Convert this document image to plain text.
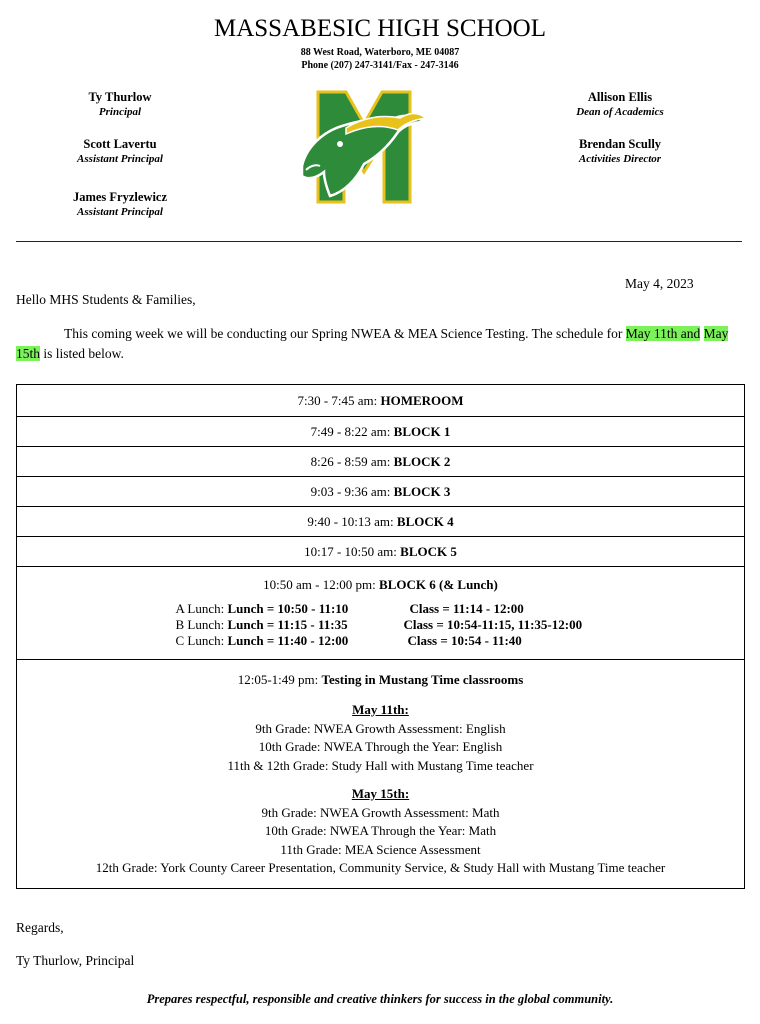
MASSABESIC HIGH SCHOOL
88 West Road, Waterboro, ME 04087
Phone (207) 247-3141/Fax - 247-3146
Ty Thurlow
Principal
Scott Lavertu
Assistant Principal
James Fryzlewicz
Assistant Principal
Allison Ellis
Dean of Academics
Brendan Scully
Activities Director
May 4, 2023
Hello MHS Students & Families,
This coming week we will be conducting our Spring NWEA & MEA Science Testing. The schedule for May 11th and May 15th is listed below.
7:30 - 7:45 am: HOMEROOM
7:49 - 8:22 am: BLOCK 1
8:26 - 8:59 am: BLOCK 2
9:03 - 9:36 am: BLOCK 3
9:40 - 10:13 am: BLOCK 4
10:17 - 10:50 am: BLOCK 5

10:50 am - 12:00 pm: BLOCK 6 (& Lunch)
A Lunch: Lunch = 10:50 - 11:10	Class = 11:14 - 12:00
B Lunch: Lunch = 11:15 - 11:35	Class = 10:54-11:15, 11:35-12:00
C Lunch: Lunch = 11:40 - 12:00	Class = 10:54 - 11:40

12:05-1:49 pm: Testing in Mustang Time classrooms
May 11th:
9th Grade: NWEA Growth Assessment: English
10th Grade: NWEA Through the Year: English
11th & 12th Grade: Study Hall with Mustang Time teacher
May 15th:
9th Grade: NWEA Growth Assessment: Math
10th Grade: NWEA Through the Year: Math
11th Grade: MEA Science Assessment
12th Grade: York County Career Presentation, Community Service, & Study Hall with Mustang Time teacher
Regards,
Ty Thurlow, Principal
Prepares respectful, responsible and creative thinkers for success in the global community.
